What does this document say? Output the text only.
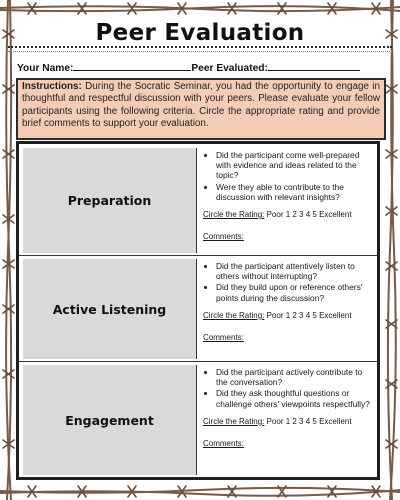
Peer Evaluation
Your Name:	Peer Evaluated:
Instructions: During the Socratic Seminar, you had the opportunity to engage in thoughtful and respectful discussion with your peers. Please evaluate your fellow participants using the following criteria. Circle the appropriate rating and provide brief comments to support your evaluation.
Preparation
• Did the participant come well-prepared with evidence and ideas related to the topic?
• Were they able to contribute to the discussion with relevant insights?
Circle the Rating: Poor 1 2 3 4 5 Excellent
Comments:
Active Listening
• Did the participant attentively listen to others without interrupting?
• Did they build upon or reference others' points during the discussion?
Circle the Rating: Poor 1 2 3 4 5 Excellent
Comments:
Engagement
• Did the participant actively contribute to the conversation?
• Did they ask thoughtful questions or challenge others' viewpoints respectfully?
Circle the Rating: Poor 1 2 3 4 5 Excellent
Comments:
